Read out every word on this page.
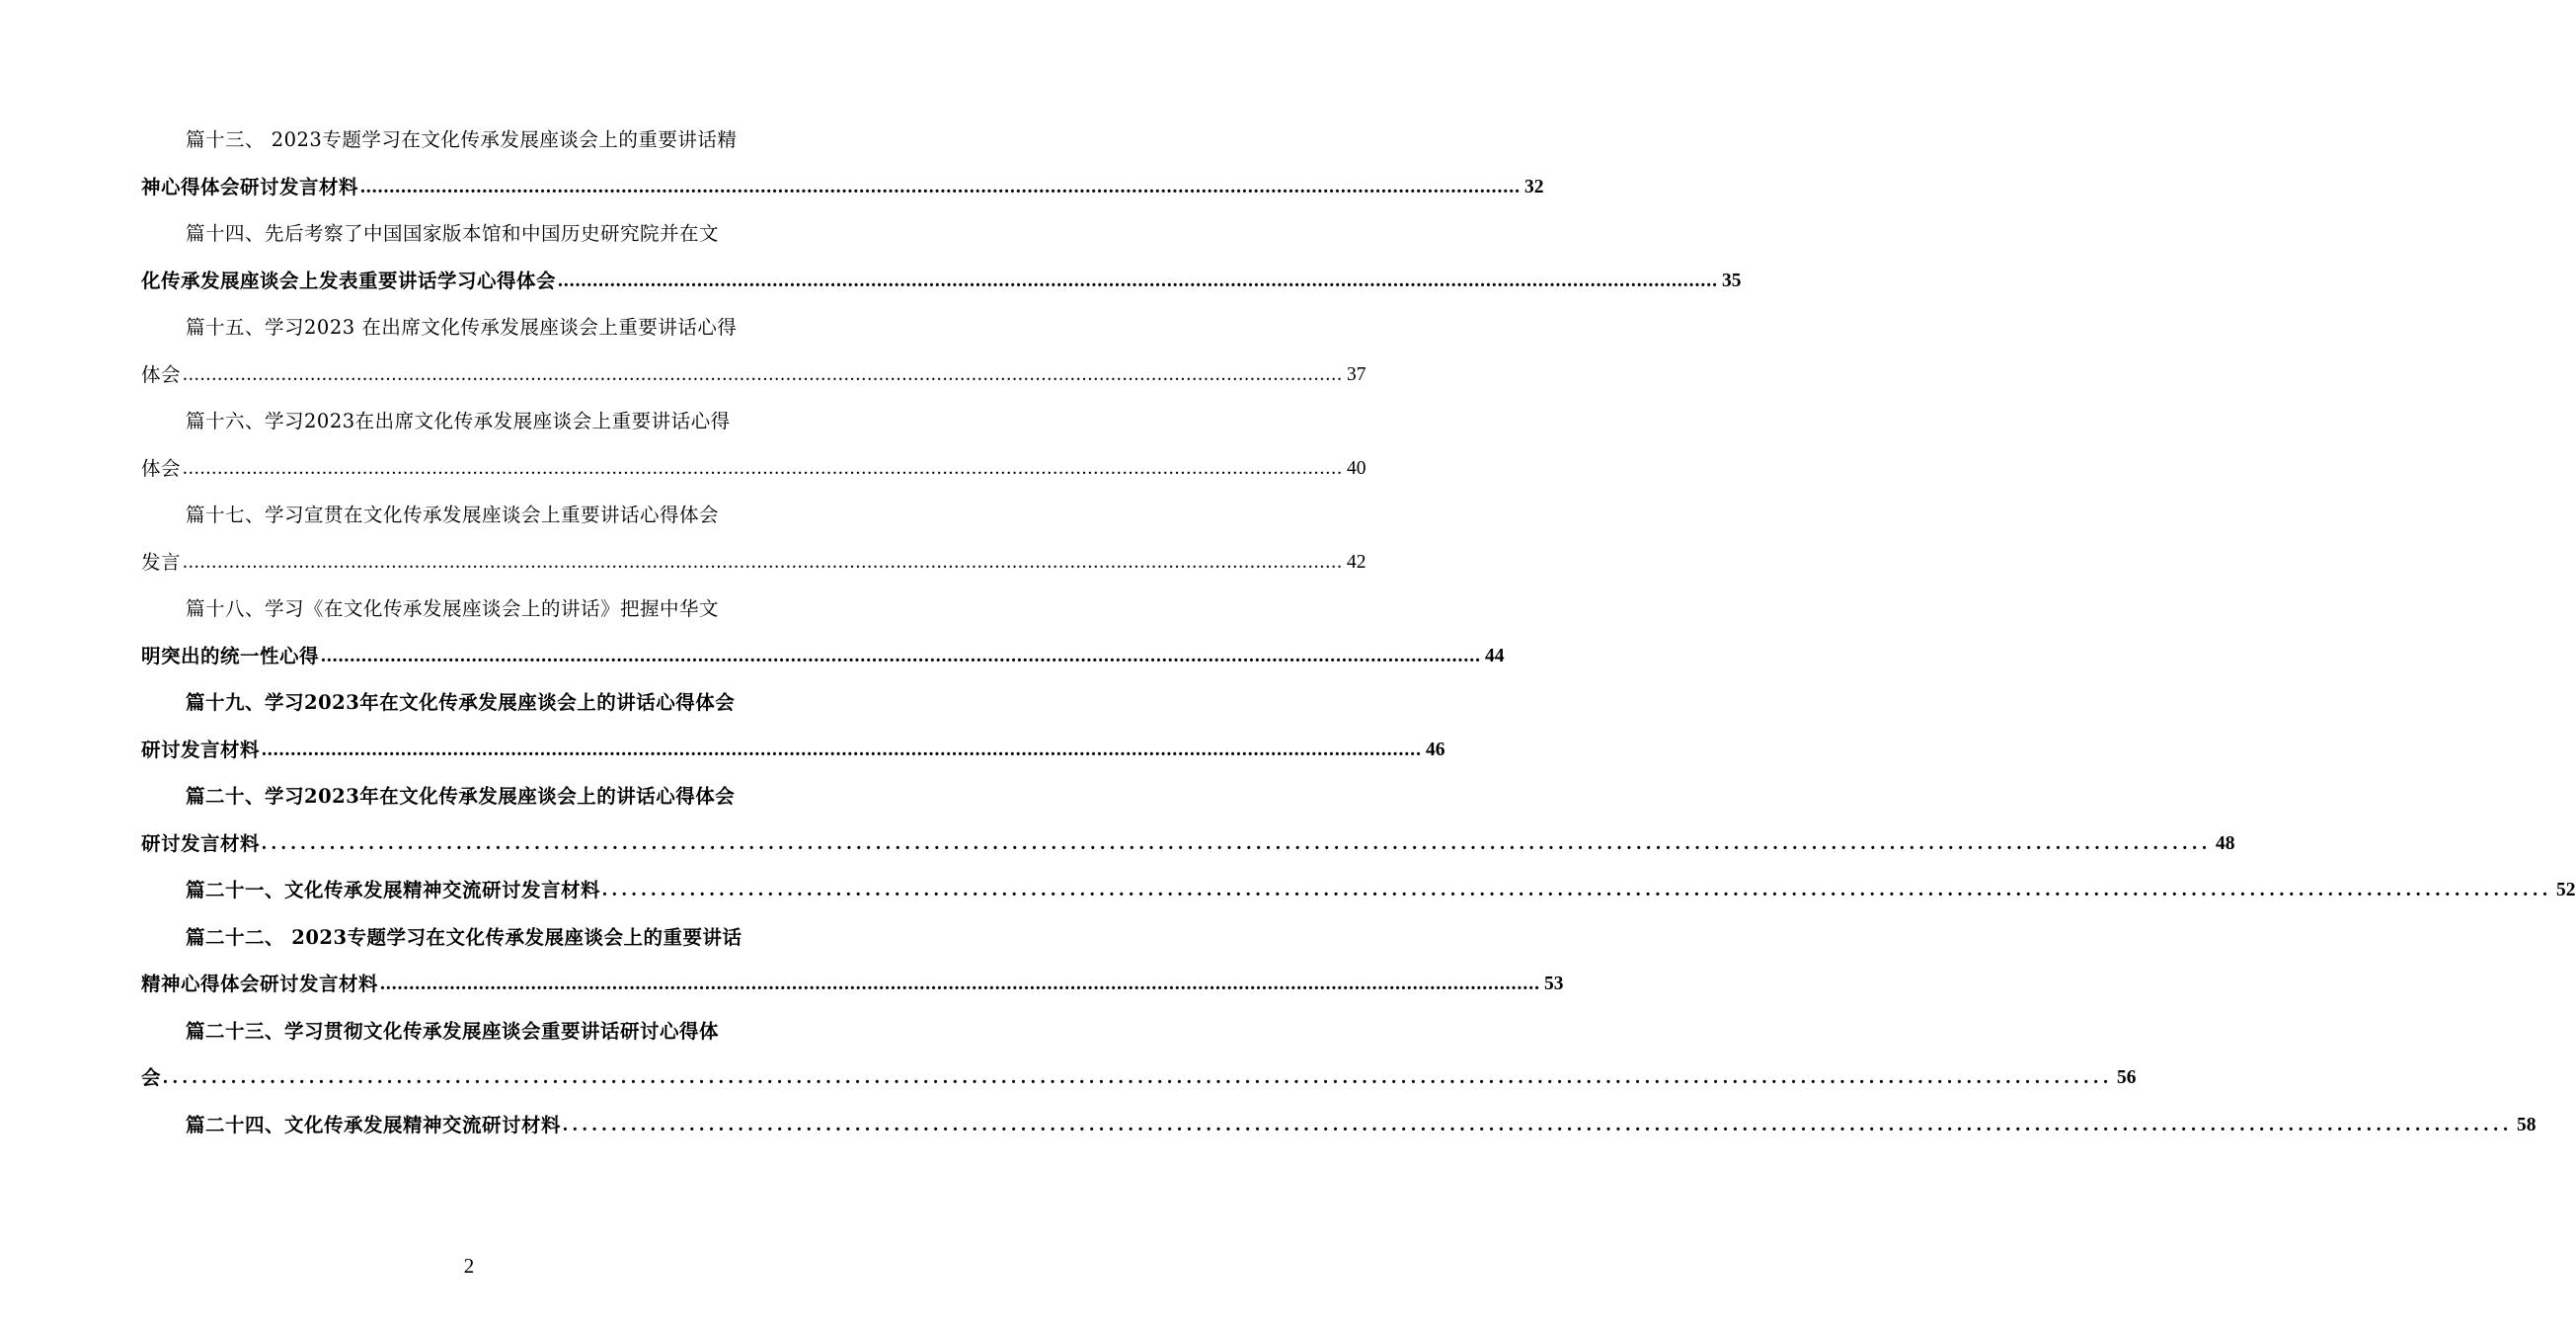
篇十三、 2023专题学习在文化传承发展座谈会上的重要讲话精
神心得体会研讨发言材料 ........................................................................................................................................................................................................ 32
篇十四、先后考察了中国国家版本馆和中国历史研究院并在文
化传承发展座谈会上发表重要讲话学习心得体会 ........................................................................................................................................................................................................ 35
篇十五、学习2023 在出席文化传承发展座谈会上重要讲话心得
体会 ........................................................................................................................................................................................................ 37
篇十六、学习2023在出席文化传承发展座谈会上重要讲话心得
体会 ........................................................................................................................................................................................................ 40
篇十七、学习宣贯在文化传承发展座谈会上重要讲话心得体会
发言 ........................................................................................................................................................................................................ 42
篇十八、学习《在文化传承发展座谈会上的讲话》把握中华文
明突出的统一性心得 ........................................................................................................................................................................................................ 44
篇十九、学习2023年在文化传承发展座谈会上的讲话心得体会
研讨发言材料 ........................................................................................................................................................................................................ 46
篇二十、学习2023年在文化传承发展座谈会上的讲话心得体会
研讨发言材料 ........................................................................................................................................................................................................ 48
篇二十一、文化传承发展精神交流研讨发言材料 ........................................................................................................................................................................................................ 52
篇二十二、 2023专题学习在文化传承发展座谈会上的重要讲话
精神心得体会研讨发言材料 ........................................................................................................................................................................................................ 53
篇二十三、学习贯彻文化传承发展座谈会重要讲话研讨心得体
会 ........................................................................................................................................................................................................ 56
篇二十四、文化传承发展精神交流研讨材料 ........................................................................................................................................................................................................ 58
2
